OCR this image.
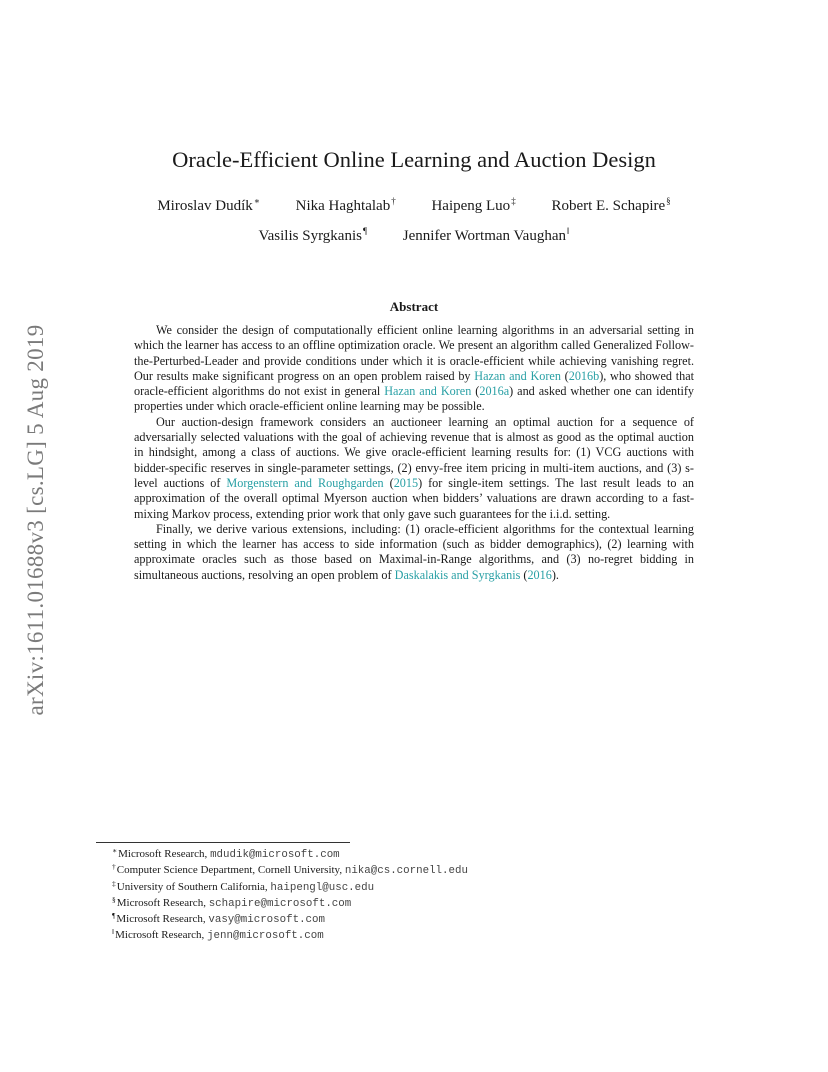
arXiv:1611.01688v3 [cs.LG] 5 Aug 2019
Oracle-Efficient Online Learning and Auction Design
Miroslav Dudík∗ Nika Haghtalab† Haipeng Luo‡ Robert E. Schapire§
Vasilis Syrgkanis¶ Jennifer Wortman Vaughan‖
Abstract

We consider the design of computationally efficient online learning algorithms in an adversarial setting in which the learner has access to an offline optimization oracle. We present an algorithm called Generalized Follow-the-Perturbed-Leader and provide conditions under which it is oracle-efficient while achieving vanishing regret. Our results make significant progress on an open problem raised by Hazan and Koren (2016b), who showed that oracle-efficient algorithms do not exist in general Hazan and Koren (2016a) and asked whether one can identify properties under which oracle-efficient online learning may be possible.

Our auction-design framework considers an auctioneer learning an optimal auction for a sequence of adversarially selected valuations with the goal of achieving revenue that is almost as good as the optimal auction in hindsight, among a class of auctions. We give oracle-efficient learning results for: (1) VCG auctions with bidder-specific reserves in single-parameter settings, (2) envy-free item pricing in multi-item auctions, and (3) s-level auctions of Morgenstern and Roughgarden (2015) for single-item settings. The last result leads to an approximation of the overall optimal Myerson auction when bidders’ valuations are drawn according to a fast-mixing Markov process, extending prior work that only gave such guarantees for the i.i.d. setting.

Finally, we derive various extensions, including: (1) oracle-efficient algorithms for the contextual learning setting in which the learner has access to side information (such as bidder demographics), (2) learning with approximate oracles such as those based on Maximal-in-Range algorithms, and (3) no-regret bidding in simultaneous auctions, resolving an open problem of Daskalakis and Syrgkanis (2016).

∗Microsoft Research, mdudik@microsoft.com
†Computer Science Department, Cornell University, nika@cs.cornell.edu
‡University of Southern California, haipengl@usc.edu
§Microsoft Research, schapire@microsoft.com
¶Microsoft Research, vasy@microsoft.com
‖Microsoft Research, jenn@microsoft.com
